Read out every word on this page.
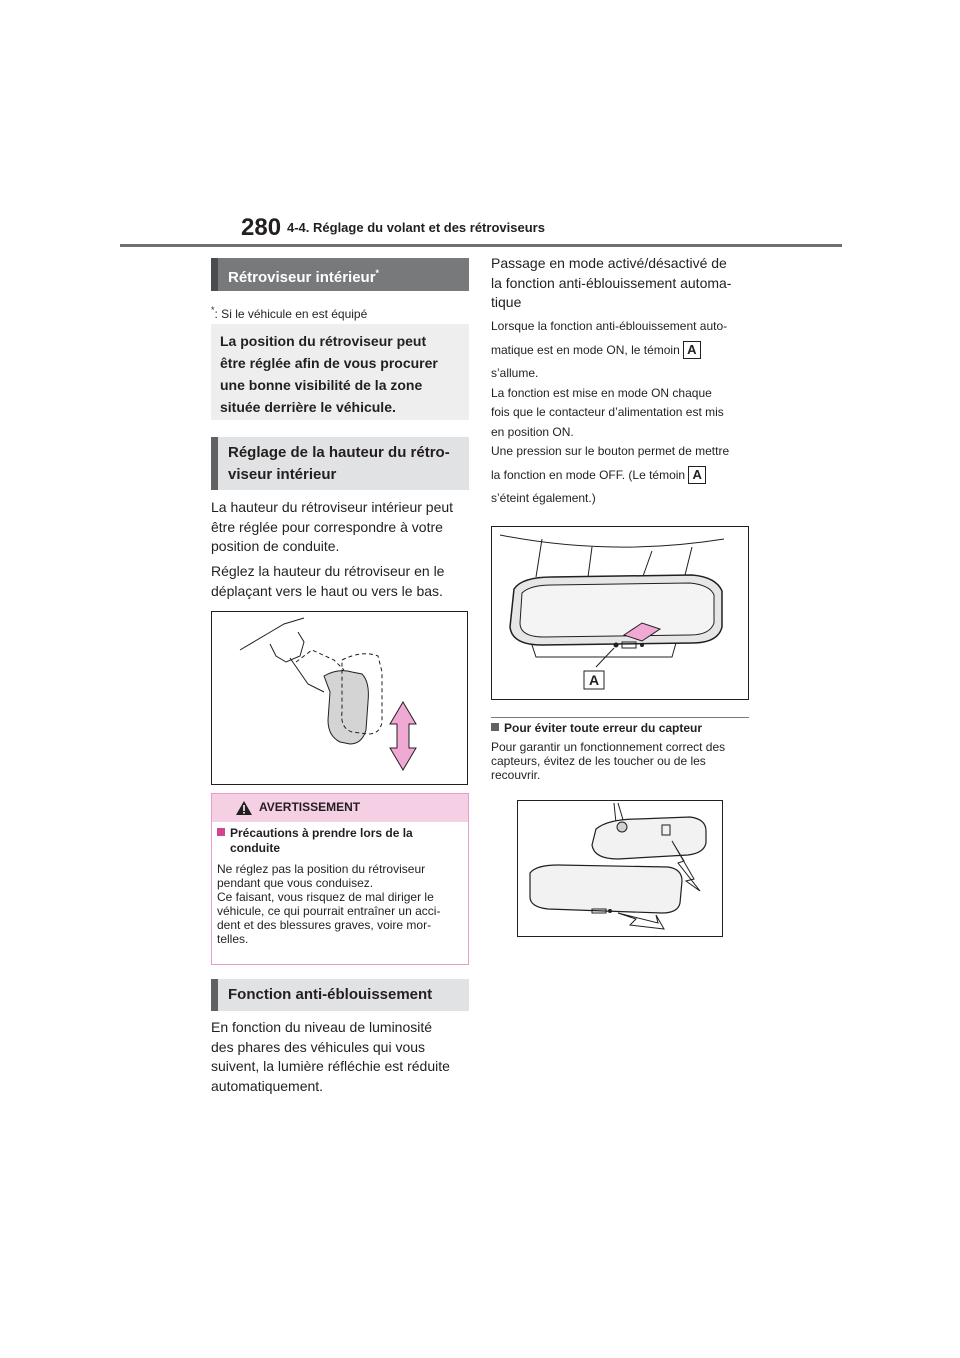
280 4-4. Réglage du volant et des rétroviseurs
Rétroviseur intérieur*
*: Si le véhicule en est équipé

La position du rétroviseur peut

être réglée afin de vous procurer

une bonne visibilité de la zone

située derrière le véhicule.

Réglage de la hauteur du rétro-

viseur intérieur

La hauteur du rétroviseur intérieur peut

être réglée pour correspondre à votre

position de conduite.

Réglez la hauteur du rétroviseur en le

déplaçant vers le haut ou vers le bas.

AVERTISSEMENT

Précautions à prendre lors de la

conduite

Ne réglez pas la position du rétroviseur

pendant que vous conduisez.

Ce faisant, vous risquez de mal diriger le

véhicule, ce qui pourrait entraîner un acci-

dent et des blessures graves, voire mor-

telles.

Fonction anti-éblouissement

En fonction du niveau de luminosité

des phares des véhicules qui vous

suivent, la lumière réfléchie est réduite

automatiquement.

Passage en mode activé/désactivé de

la fonction anti-éblouissement automa-

tique

Lorsque la fonction anti-éblouissement auto-

matique est en mode ON, le témoin A

s’allume.

La fonction est mise en mode ON chaque

fois que le contacteur d’alimentation est mis

en position ON.

Une pression sur le bouton permet de mettre

la fonction en mode OFF. (Le témoin A

s’éteint également.)

A
Pour éviter toute erreur du capteur

Pour garantir un fonctionnement correct des

capteurs, évitez de les toucher ou de les

recouvrir.
